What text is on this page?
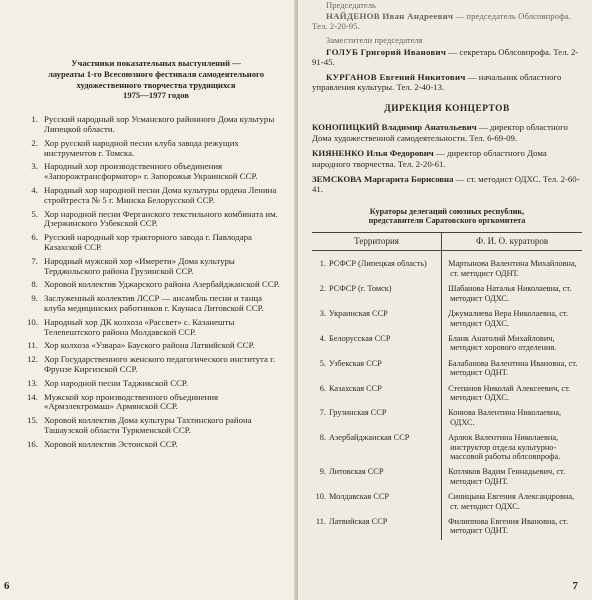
Участники показательных выступлений —
лауреаты 1-го Всесоюзного фестиваля самодеятельного
художественного творчества трудящихся
1975—1977 годов
1. Русский народный хор Усманского районного Дома культуры Липецкой области.
2. Хор русской народной песни клуба завода режущих инструментов г. Томска.
3. Народный хор производственного объединения «Запорожтрансформатор» г. Запорожья Украинской ССР.
4. Народный хор народной песни Дома культуры ордена Ленина стройтреста № 5 г. Минска Белорусской ССР.
5. Хор народной песни Ферганского текстильного комбината им. Дзержинского Узбекской ССР.
6. Русский народный хор тракторного завода г. Павлодара Казахской ССР.
7. Народный мужской хор «Имерети» Дома культуры Терджольского района Грузинской ССР.
8. Хоровой коллектив Уджарского района Азербайджанской ССР.
9. Заслуженный коллектив ЛССР — ансамбль песни и танца клуба медицинских работников г. Каунаса Литовской ССР.
10. Народный хор ДК колхоза «Рассвет» с. Казанешты Телenештского района Молдавской ССР.
11. Хор колхоза «Узвара» Бауского района Латвийской ССР.
12. Хор Государственного женского педагогического института г. Фрунзе Киргизской ССР.
13. Хор народной песни Таджикской ССР.
14. Мужской хор производственного объединения «Армэлектромаш» Армянской ССР.
15. Хоровой коллектив Дома культуры Тахтинского района Ташаузской области Туркменской ССР.
16. Хоровой коллектив Эстонской ССР.
6

Председатель

НАЙДЕНОВ Иван Андреевич — председатель Облсовпрофа. Тел. 2-20-95.
Заместители председателя
ГОЛУБ Григорий Иванович — секретарь Облсовпрофа. Тел. 2-91-45.
КУРГАНОВ Евгений Никитович — начальник областного управления культуры. Тел. 2-40-13.
ДИРЕКЦИЯ КОНЦЕРТОВ
КОНОПИЦКИЙ Владимир Анатольевич — директор областного Дома художественной самодеятельности. Тел. 6-69-09.
КИЯНЕНКО Илья Федорович — директор областного Дома народного творчества. Тел. 2-20-61.
ЗЕМСКОВА Маргарита Борисовна — ст. методист ОДХС. Тел. 2-60-41.
Кураторы делегаций союзных республик,
представители Саратовского оргкомитета
Территория	Ф. И. О. кураторов
1. РСФСР (Липецкая область)	Мартынова Валентина Михайловна, ст. методист ОДНТ.
2. РСФСР (г. Томск)	Шабанова Наталья Николаевна, ст. методист ОДХС.
3. Украинская ССР	Джумалиева Вера Николаевна, ст. методист ОДХС.
4. Белорусская ССР	Бланк Анатолий Михайлович, методист хорового отделения.
5. Узбекская ССР	Балабанова Валентина Ивановна, ст. методист ОДНТ.
6. Казахская ССР	Степанов Николай Алексеевич, ст. методист ОДХС.
7. Грузинская ССР	Конюва Валентина Николаевна, ОДХС.
8. Азербайджанская ССР	Арлюк Валентина Николаевна, инструктор отдела культурно-массовой работы облсовпрофа.
9. Литовская ССР	Котляков Вадим Геннадьевич, ст. методист ОДНТ.
10. Молдавская ССР	Синицына Евгения Александровна, ст. методист ОДХС.
11. Латвийская ССР	Филиппова Евгения Ивановна, ст. методист ОДНТ.
7
